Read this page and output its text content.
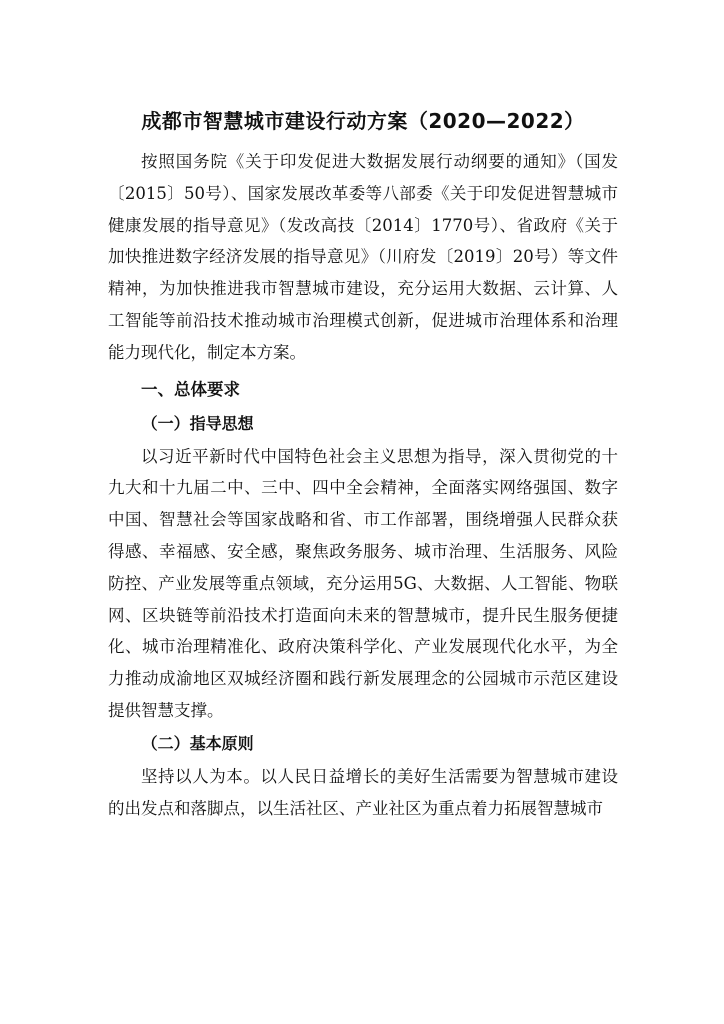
成都市智慧城市建设行动方案（2020—2022）

按照国务院《关于印发促进大数据发展行动纲要的通知》（国发〔2015〕50号）、国家发展改革委等八部委《关于印发促进智慧城市健康发展的指导意见》（发改高技〔2014〕1770号）、省政府《关于加快推进数字经济发展的指导意见》（川府发〔2019〕20号）等文件精神，为加快推进我市智慧城市建设，充分运用大数据、云计算、人工智能等前沿技术推动城市治理模式创新，促进城市治理体系和治理能力现代化，制定本方案。

一、总体要求
（一）指导思想

以习近平新时代中国特色社会主义思想为指导，深入贯彻党的十九大和十九届二中、三中、四中全会精神，全面落实网络强国、数字中国、智慧社会等国家战略和省、市工作部署，围绕增强人民群众获得感、幸福感、安全感，聚焦政务服务、城市治理、生活服务、风险防控、产业发展等重点领域，充分运用5G、大数据、人工智能、物联网、区块链等前沿技术打造面向未来的智慧城市，提升民生服务便捷化、城市治理精准化、政府决策科学化、产业发展现代化水平，为全力推动成渝地区双城经济圈和践行新发展理念的公园城市示范区建设提供智慧支撑。

（二）基本原则

坚持以人为本。以人民日益增长的美好生活需要为智慧城市建设的出发点和落脚点，以生活社区、产业社区为重点着力拓展智慧城市
